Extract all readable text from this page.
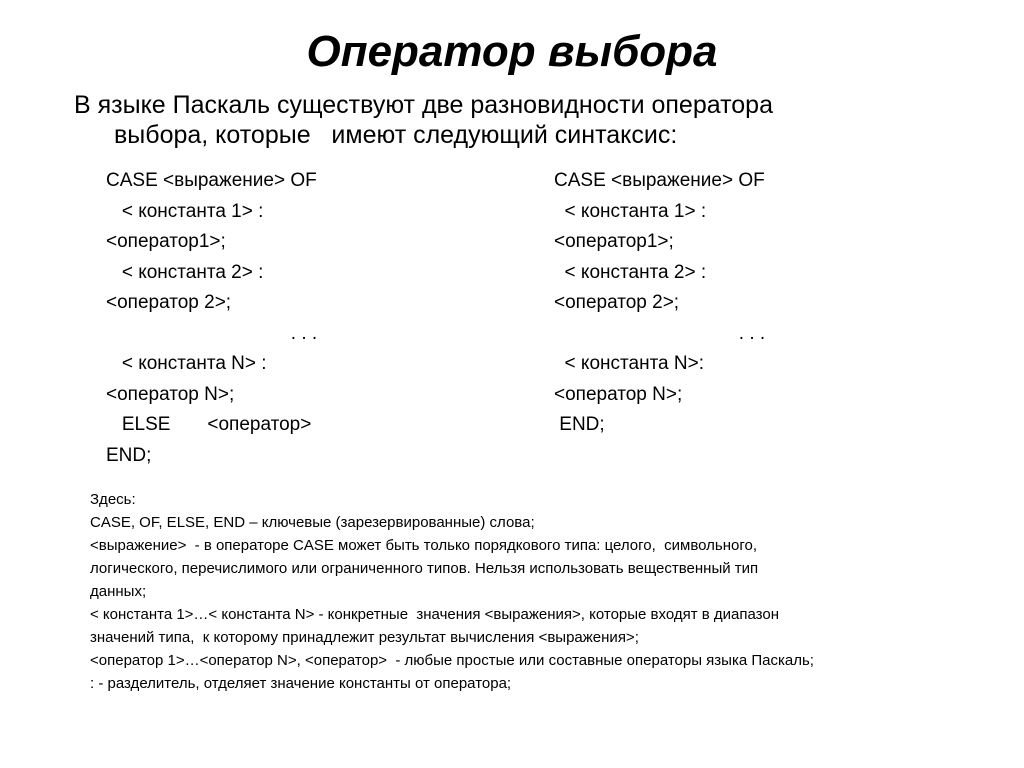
Оператор выбора
В языке Паскаль существуют две разновидности оператора
выбора, которые   имеют следующий синтаксис:
CASE <выражение> OF
< константа 1> :
<оператор1>;
< константа 2> :
<оператор 2>;
. . .
< константа N> :
<оператор N>;
ELSE       <оператор>
END;
CASE <выражение> OF
< константа 1> :
<оператор1>;
< константа 2> :
<оператор 2>;
. . .
< константа N>:
<оператор N>;
END;
Здесь:
CASE, OF, ELSE, END – ключевые (зарезервированные) слова;
<выражение>  - в операторе CASE может быть только порядкового типа: целого,  символьного,
логического, перечислимого или ограниченного типов. Нельзя использовать вещественный тип
данных;
< константа 1>…< константа N> - конкретные  значения <выражения>, которые входят в диапазон
значений типа,  к которому принадлежит результат вычисления <выражения>;
<оператор 1>…<оператор N>, <оператор>  - любые простые или составные операторы языка Паскаль;
: - разделитель, отделяет значение константы от оператора;
